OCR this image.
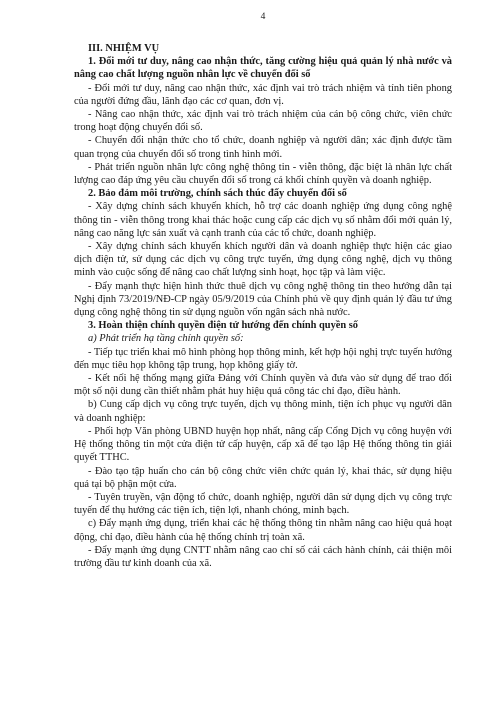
4

III. NHIỆM VỤ

1. Đổi mới tư duy, nâng cao nhận thức, tăng cường hiệu quả quản lý nhà nước và nâng cao chất lượng nguồn nhân lực về chuyển đổi số

- Đổi mới tư duy, nâng cao nhận thức, xác định vai trò trách nhiệm và tính tiên phong của người đứng đầu, lãnh đạo các cơ quan, đơn vị.

- Nâng cao nhận thức, xác định vai trò trách nhiệm của cán bộ công chức, viên chức trong hoạt động chuyển đổi số.

- Chuyển đổi nhận thức cho tổ chức, doanh nghiệp và người dân; xác định được tầm quan trọng của chuyển đổi số trong tình hình mới.

- Phát triển nguồn nhân lực công nghệ thông tin - viễn thông, đặc biệt là nhân lực chất lượng cao đáp ứng yêu cầu chuyển đổi số trong cả khối chính quyền và doanh nghiệp.

2. Bảo đảm môi trường, chính sách thúc đẩy chuyển đổi số

- Xây dựng chính sách khuyến khích, hỗ trợ các doanh nghiệp ứng dụng công nghệ thông tin - viễn thông trong khai thác hoặc cung cấp các dịch vụ số nhằm đổi mới quản lý, nâng cao năng lực sản xuất và cạnh tranh của các tổ chức, doanh nghiệp.

- Xây dựng chính sách khuyến khích người dân và doanh nghiệp thực hiện các giao dịch điện tử, sử dụng các dịch vụ công trực tuyến, ứng dụng công nghệ, dịch vụ thông minh vào cuộc sống để nâng cao chất lượng sinh hoạt, học tập và làm việc.

- Đẩy mạnh thực hiện hình thức thuê dịch vụ công nghệ thông tin theo hướng dẫn tại Nghị định 73/2019/NĐ-CP ngày 05/9/2019 của Chính phủ về quy định quản lý đầu tư ứng dụng công nghệ thông tin sử dụng nguồn vốn ngân sách nhà nước.

3. Hoàn thiện chính quyền điện tử hướng đến chính quyền số

a) Phát triển hạ tầng chính quyền số:

- Tiếp tục triển khai mô hình phòng họp thông minh, kết hợp hội nghị trực tuyến hướng đến mục tiêu họp không tập trung, họp không giấy tờ.

- Kết nối hệ thống mạng giữa Đảng với Chính quyền và đưa vào sử dụng để trao đổi một số nội dung cần thiết nhằm phát huy hiệu quả công tác chỉ đạo, điều hành.

b) Cung cấp dịch vụ công trực tuyến, dịch vụ thông minh, tiện ích phục vụ người dân và doanh nghiệp:

- Phối hợp Văn phòng UBND huyện họp nhất, nâng cấp Cổng Dịch vụ công huyện với Hệ thống thông tin một cửa điện tử cấp huyện, cấp xã để tạo lập Hệ thống thông tin giải quyết TTHC.

- Đào tạo tập huấn cho cán bộ công chức viên chức quản lý, khai thác, sử dụng hiệu quả tại bộ phận một cửa.

- Tuyên truyền, vận động tổ chức, doanh nghiệp, người dân sử dụng dịch vụ công trực tuyến để thụ hưởng các tiện ích, tiện lợi, nhanh chóng, minh bạch.

c) Đẩy mạnh ứng dụng, triển khai các hệ thống thông tin nhằm nâng cao hiệu quả hoạt động, chỉ đạo, điều hành của hệ thống chính trị toàn xã.

- Đẩy mạnh ứng dụng CNTT nhằm nâng cao chỉ số cải cách hành chính, cải thiện môi trường đầu tư kinh doanh của xã.
